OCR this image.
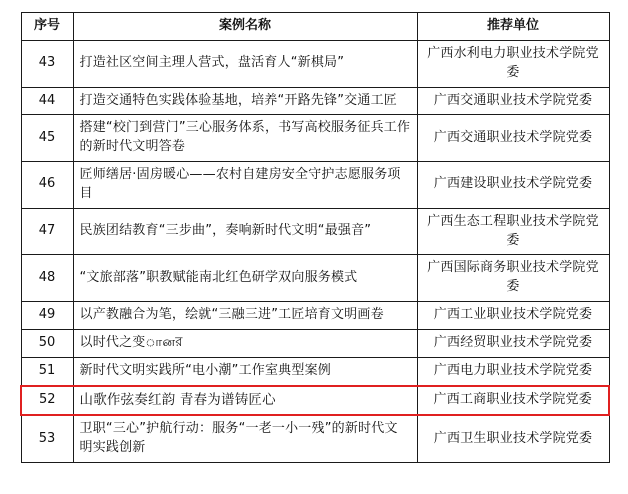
序号	案例名称	推荐单位
43	打造社区空间主理人营式，盘活育人“新棋局”	广西水利电力职业技术学院党委
44	打造交通特色实践体验基地，培养“开路先锋”交通工匠	广西交通职业技术学院党委
45	搭建“校门到营门”三心服务体系，书写高校服务征兵工作的新时代文明答卷	广西交通职业技术学院党委
46	匠师缮居·固房暖心——农村自建房安全守护志愿服务项目	广西建设职业技术学院党委
47	民族团结教育“三步曲”，奏响新时代文明“最强音”	广西生态工程职业技术学院党委
48	“文旅部落”职教赋能南北红色研学双向服务模式	广西国际商务职业技术学院党委
49	以产教融合为笔，绘就“三融三进”工匠培育文明画卷	广西工业职业技术学院党委
50	以时代之变ானর	广西经贸职业技术学院党委
51	新时代文明实践所“电小潮”工作室典型案例	广西电力职业技术学院党委
52	山歌作弦奏红韵 青春为谱铸匠心	广西工商职业技术学院党委
53	卫职“三心”护航行动：服务“一老一小一残”的新时代文明实践创新	广西卫生职业技术学院党委
